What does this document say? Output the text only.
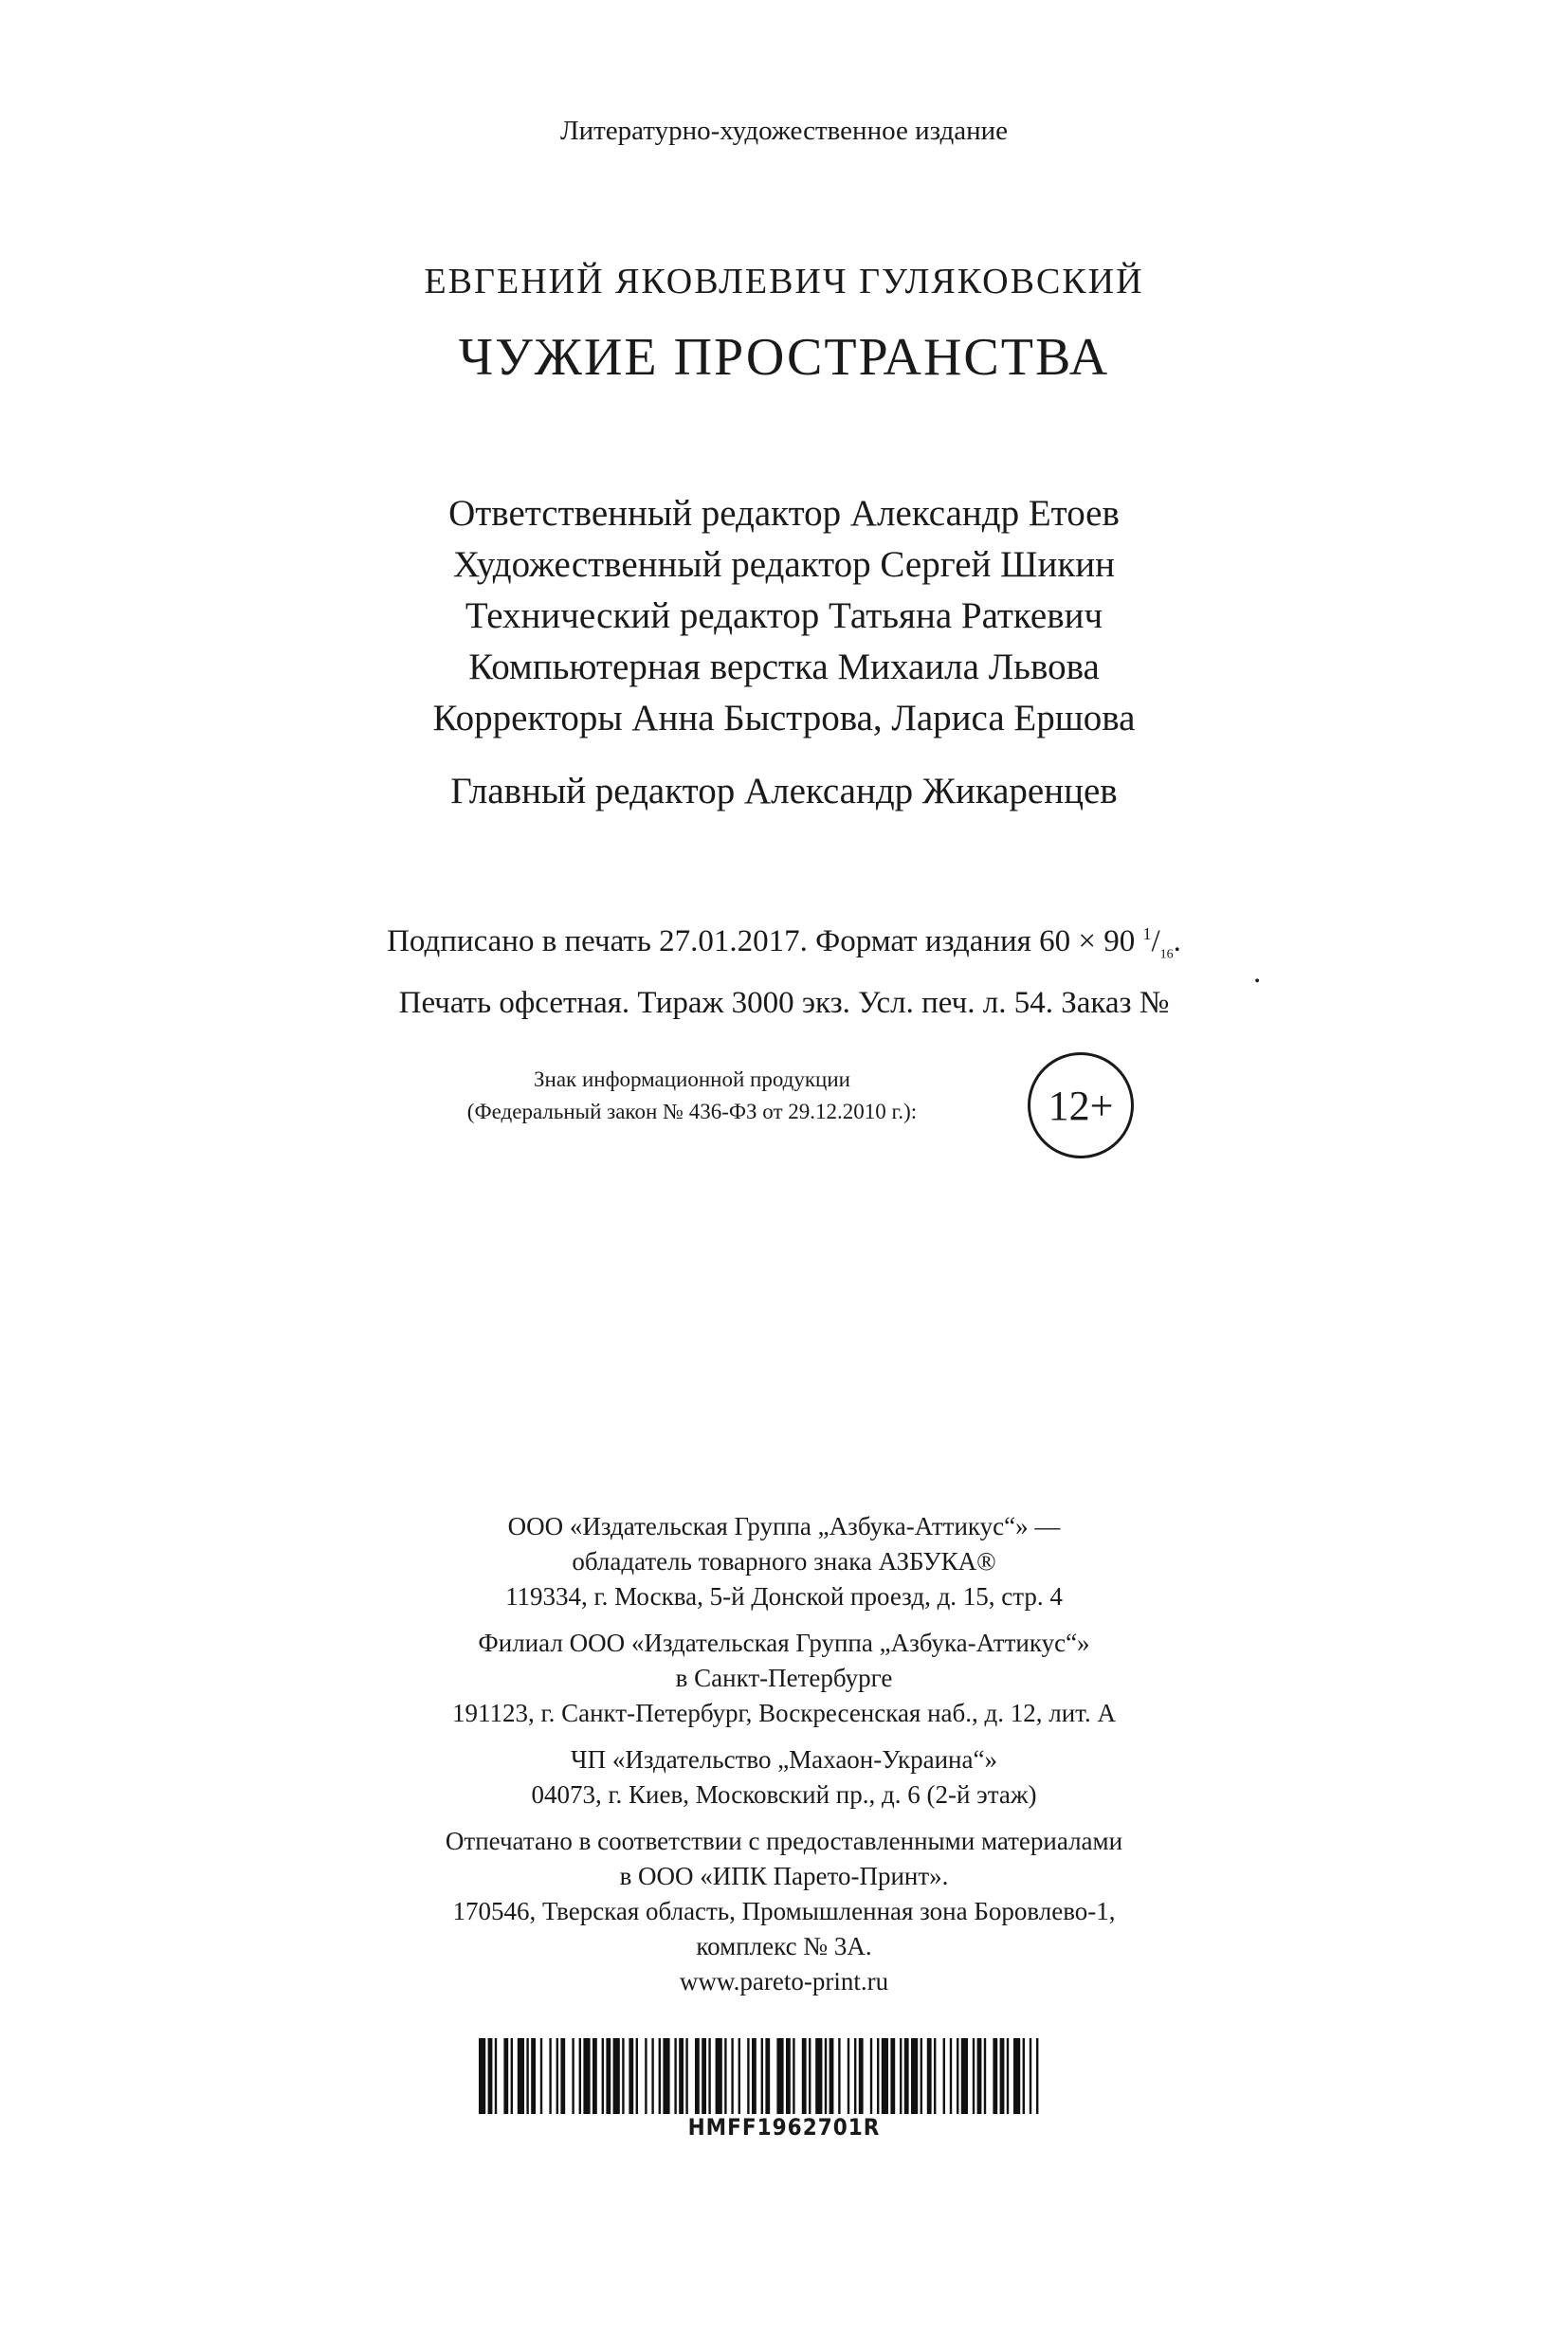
Литературно-художественное издание
ЕВГЕНИЙ ЯКОВЛЕВИЧ ГУЛЯКОВСКИЙ
ЧУЖИЕ ПРОСТРАНСТВА
Ответственный редактор Александр Етоев
Художественный редактор Сергей Шикин
Технический редактор Татьяна Раткевич
Компьютерная верстка Михаила Львова
Корректоры Анна Быстрова, Лариса Ершова
Главный редактор Александр Жикаренцев
Подписано в печать 27.01.2017. Формат издания 60 × 90 $^1/_{16}$.
Печать офсетная. Тираж 3000 экз. Усл. печ. л. 54. Заказ №
.
Знак информационной продукции
(Федеральный закон № 436-ФЗ от 29.12.2010 г.):	12+
ООО «Издательская Группа „Азбука-Аттикус“» —
обладатель товарного знака АЗБУКА®
119334, г. Москва, 5-й Донской проезд, д. 15, стр. 4
Филиал ООО «Издательская Группа „Азбука-Аттикус“»
в Санкт-Петербурге
191123, г. Санкт-Петербург, Воскресенская наб., д. 12, лит. А
ЧП «Издательство „Махаон-Украина“»
04073, г. Киев, Московский пр., д. 6 (2-й этаж)
Отпечатано в соответствии с предоставленными материалами
в ООО «ИПК Парето-Принт».
170546, Тверская область, Промышленная зона Боровлево-1,
комплекс № 3А.
www.pareto-print.ru
HMFF1962701R
